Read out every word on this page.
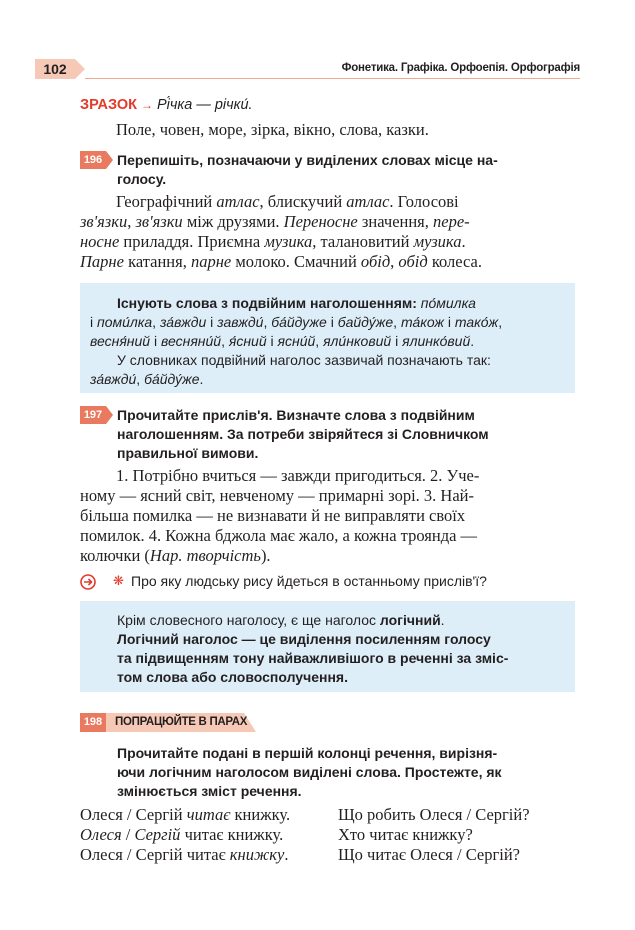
102	Фонетика. Графіка. Орфоепія. Орфографія
ЗРАЗОК → Рі́чка — річки́.
Поле, човен, море, зірка, вікно, слова, казки.
196 Перепишіть, позначаючи у виділених словах місце на-
голосу.
Географічний атлас, блискучий атлас. Голосові
зв'язки, зв'язки між друзями. Переносне значення, пере-
носне приладдя. Приємна музика, талановитий музика.
Парне катання, парне молоко. Смачний обід, обід колеса.
Існують слова з подвійним наголошенням: по́милка
і поми́лка, за́вжди і завжди́, ба́йдуже і байду́же, та́кож і тако́ж,
весня́ний і весняни́й, я́сний і ясни́й, яли́нковий і ялинко́вий.
У словниках подвійний наголос зазвичай позначають так:
за́вжди́, ба́йду́же.
197 Прочитайте прислів'я. Визначте слова з подвійним
наголошенням. За потреби звіряйтеся зі Словничком
правильної вимови.
1. Потрібно вчиться — завжди пригодиться. 2. Уче-
ному — ясний світ, невченому — примарні зорі. 3. Най-
більша помилка — не визнавати й не виправляти своїх
помилок. 4. Кожна бджола має жало, а кожна троянда —
колючки (Нар. творчість).
❋ Про яку людську рису йдеться в останньому прислів'ї?
Крім словесного наголосу, є ще наголос логічний.
Логічний наголос — це виділення посиленням голосу
та підвищенням тону найважливішого в реченні за зміс-
том слова або словосполучення.
198	ПОПРАЦЮЙТЕ В ПАРАХ
Прочитайте подані в першій колонці речення, вирізня-
ючи логічним наголосом виділені слова. Простежте, як
змінюється зміст речення.
Олеся / Сергій читає книжку.	Що робить Олеся / Сергій?
Олеся / Сергій читає книжку.	Хто читає книжку?
Олеся / Сергій читає книжку.	Що читає Олеся / Сергій?
